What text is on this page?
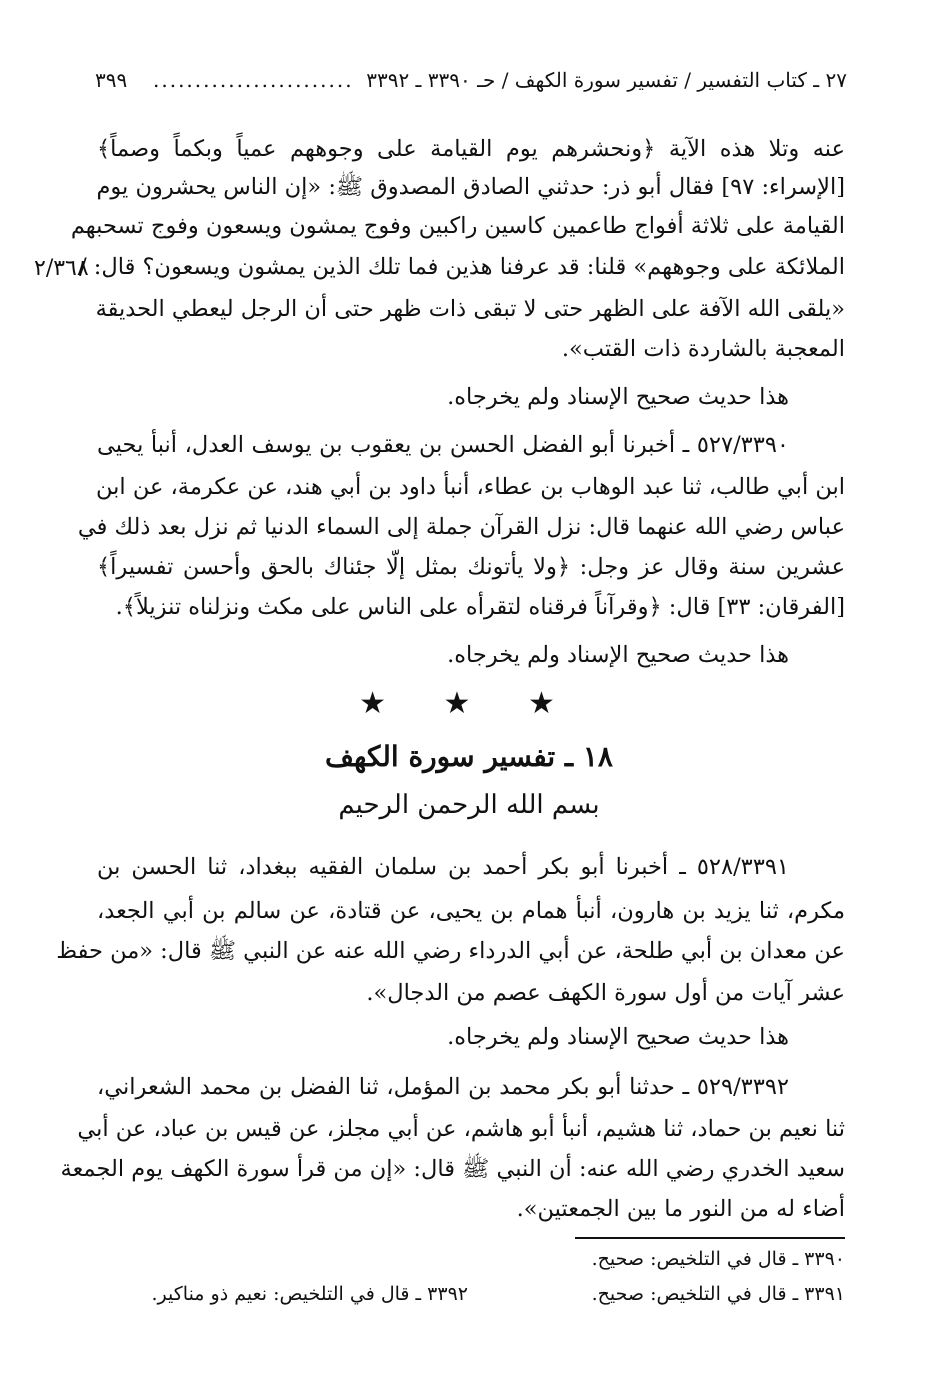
٢٧ ـ كتاب التفسير / تفسير سورة الكهف / حـ ٣٣٩٠ ـ ٣٣٩٢
........................
٣٩٩
٢/٣٦٨
عنه وتلا هذه الآية ﴿ونحشرهم يوم القيامة على وجوههم عمياً وبكماً وصماً﴾
[الإسراء: ٩٧] فقال أبو ذر: حدثني الصادق المصدوق ﷺ: «إن الناس يحشرون يوم
القيامة على ثلاثة أفواج طاعمين كاسين راكبين وفوج يمشون ويسعون وفوج تسحبهم
الملائكة على وجوههم» قلنا: قد عرفنا هذين فما تلك الذين يمشون ويسعون؟ قال: /
«يلقى الله الآفة على الظهر حتى لا تبقى ذات ظهر حتى أن الرجل ليعطي الحديقة
المعجبة بالشاردة ذات القتب».
هذا حديث صحيح الإسناد ولم يخرجاه.
٥٢٧/٣٣٩٠ ـ أخبرنا أبو الفضل الحسن بن يعقوب بن يوسف العدل، أنبأ يحيى
ابن أبي طالب، ثنا عبد الوهاب بن عطاء، أنبأ داود بن أبي هند، عن عكرمة، عن ابن
عباس رضي الله عنهما قال: نزل القرآن جملة إلى السماء الدنيا ثم نزل بعد ذلك في
عشرين سنة وقال عز وجل: ﴿ولا يأتونك بمثل إلّا جئناك بالحق وأحسن تفسيراً﴾
[الفرقان: ٣٣] قال: ﴿وقرآناً فرقناه لتقرأه على الناس على مكث ونزلناه تنزيلاً﴾.
هذا حديث صحيح الإسناد ولم يخرجاه.
٥٢٨/٣٣٩١ ـ أخبرنا أبو بكر أحمد بن سلمان الفقيه ببغداد، ثنا الحسن بن
مكرم، ثنا يزيد بن هارون، أنبأ همام بن يحيى، عن قتادة، عن سالم بن أبي الجعد،
عن معدان بن أبي طلحة، عن أبي الدرداء رضي الله عنه عن النبي ﷺ قال: «من حفظ
عشر آيات من أول سورة الكهف عصم من الدجال».
هذا حديث صحيح الإسناد ولم يخرجاه.
٥٢٩/٣٣٩٢ ـ حدثنا أبو بكر محمد بن المؤمل، ثنا الفضل بن محمد الشعراني،
ثنا نعيم بن حماد، ثنا هشيم، أنبأ أبو هاشم، عن أبي مجلز، عن قيس بن عباد، عن أبي
سعيد الخدري رضي الله عنه: أن النبي ﷺ قال: «إن من قرأ سورة الكهف يوم الجمعة
أضاء له من النور ما بين الجمعتين».
★ ★ ★
١٨ ـ تفسير سورة الكهف
بسم الله الرحمن الرحيم
٣٣٩٠ ـ قال في التلخيص: صحيح.
٣٣٩١ ـ قال في التلخيص: صحيح.
٣٣٩٢ ـ قال في التلخيص: نعيم ذو مناكير.
